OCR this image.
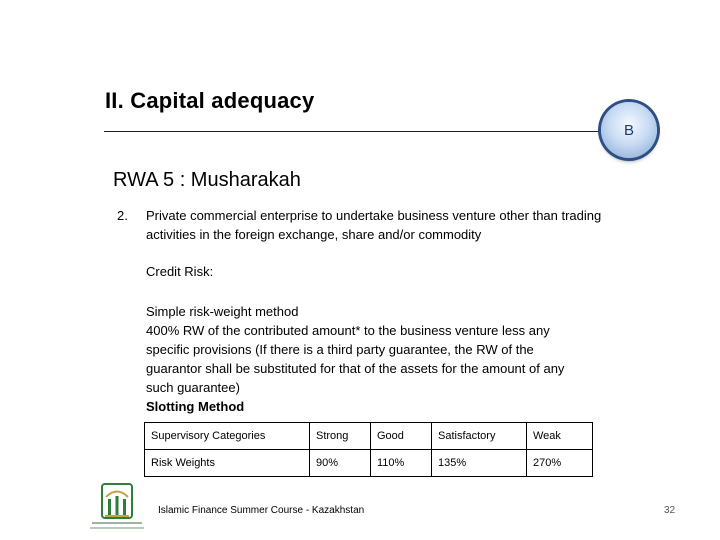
II. Capital adequacy
B
RWA 5 : Musharakah
2. Private commercial enterprise to undertake business venture other than trading activities in the foreign exchange, share and/or commodity
Credit Risk:
Simple risk-weight method
400% RW of the contributed amount* to the business venture less any
specific provisions (If there is a third party guarantee, the RW of the
guarantor shall be substituted for that of the assets for the amount of any
such guarantee)
Slotting Method
Supervisory Categories	Strong	Good	Satisfactory	Weak
Risk Weights	90%	110%	135%	270%
Islamic Finance Summer Course - Kazakhstan	32
